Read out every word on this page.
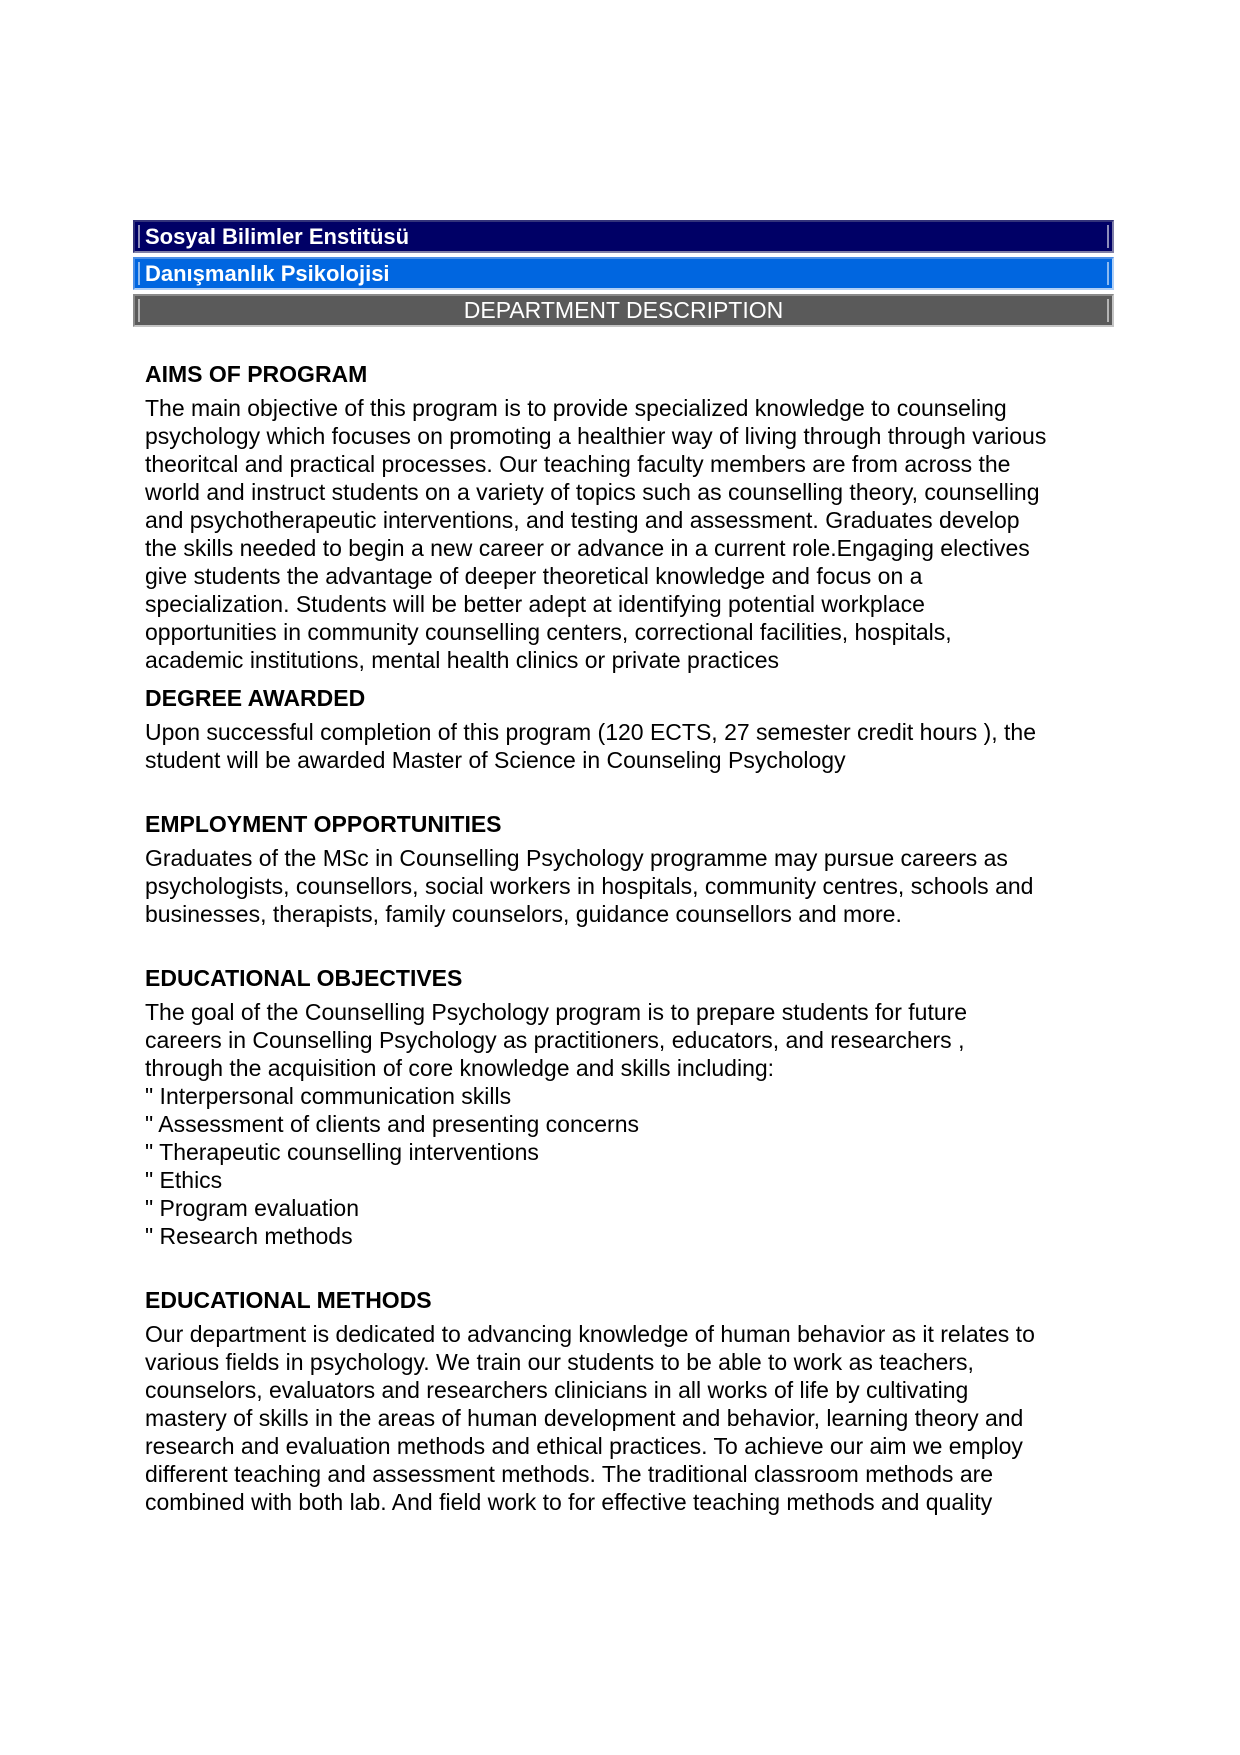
Sosyal Bilimler Enstitüsü
Danışmanlık Psikolojisi
DEPARTMENT DESCRIPTION

AIMS OF PROGRAM

The main objective of this program is to provide specialized knowledge to counseling
psychology which focuses on promoting a healthier way of living through through various
theoritcal and practical processes. Our teaching faculty members are from across the
world and instruct students on a variety of topics such as counselling theory, counselling
and psychotherapeutic interventions, and testing and assessment. Graduates develop
the skills needed to begin a new career or advance in a current role.Engaging electives
give students the advantage of deeper theoretical knowledge and focus on a
specialization. Students will be better adept at identifying potential workplace
opportunities in community counselling centers, correctional facilities, hospitals,
academic institutions, mental health clinics or private practices

DEGREE AWARDED

Upon successful completion of this program (120 ECTS, 27 semester credit hours ), the
student will be awarded Master of Science in Counseling Psychology

EMPLOYMENT OPPORTUNITIES

Graduates of the MSc in Counselling Psychology programme may pursue careers as
psychologists, counsellors, social workers in hospitals, community centres, schools and
businesses, therapists, family counselors, guidance counsellors and more.

EDUCATIONAL OBJECTIVES

The goal of the Counselling Psychology program is to prepare students for future
careers in Counselling Psychology as practitioners, educators, and researchers ,
through the acquisition of core knowledge and skills including:

" Interpersonal communication skills
" Assessment of clients and presenting concerns
" Therapeutic counselling interventions
" Ethics
" Program evaluation
" Research methods

EDUCATIONAL METHODS

Our department is dedicated to advancing knowledge of human behavior as it relates to
various fields in psychology. We train our students to be able to work as teachers,
counselors, evaluators and researchers clinicians in all works of life by cultivating
mastery of skills in the areas of human development and behavior, learning theory and
research and evaluation methods and ethical practices. To achieve our aim we employ
different teaching and assessment methods. The traditional classroom methods are
combined with both lab. And field work to for effective teaching methods and quality
